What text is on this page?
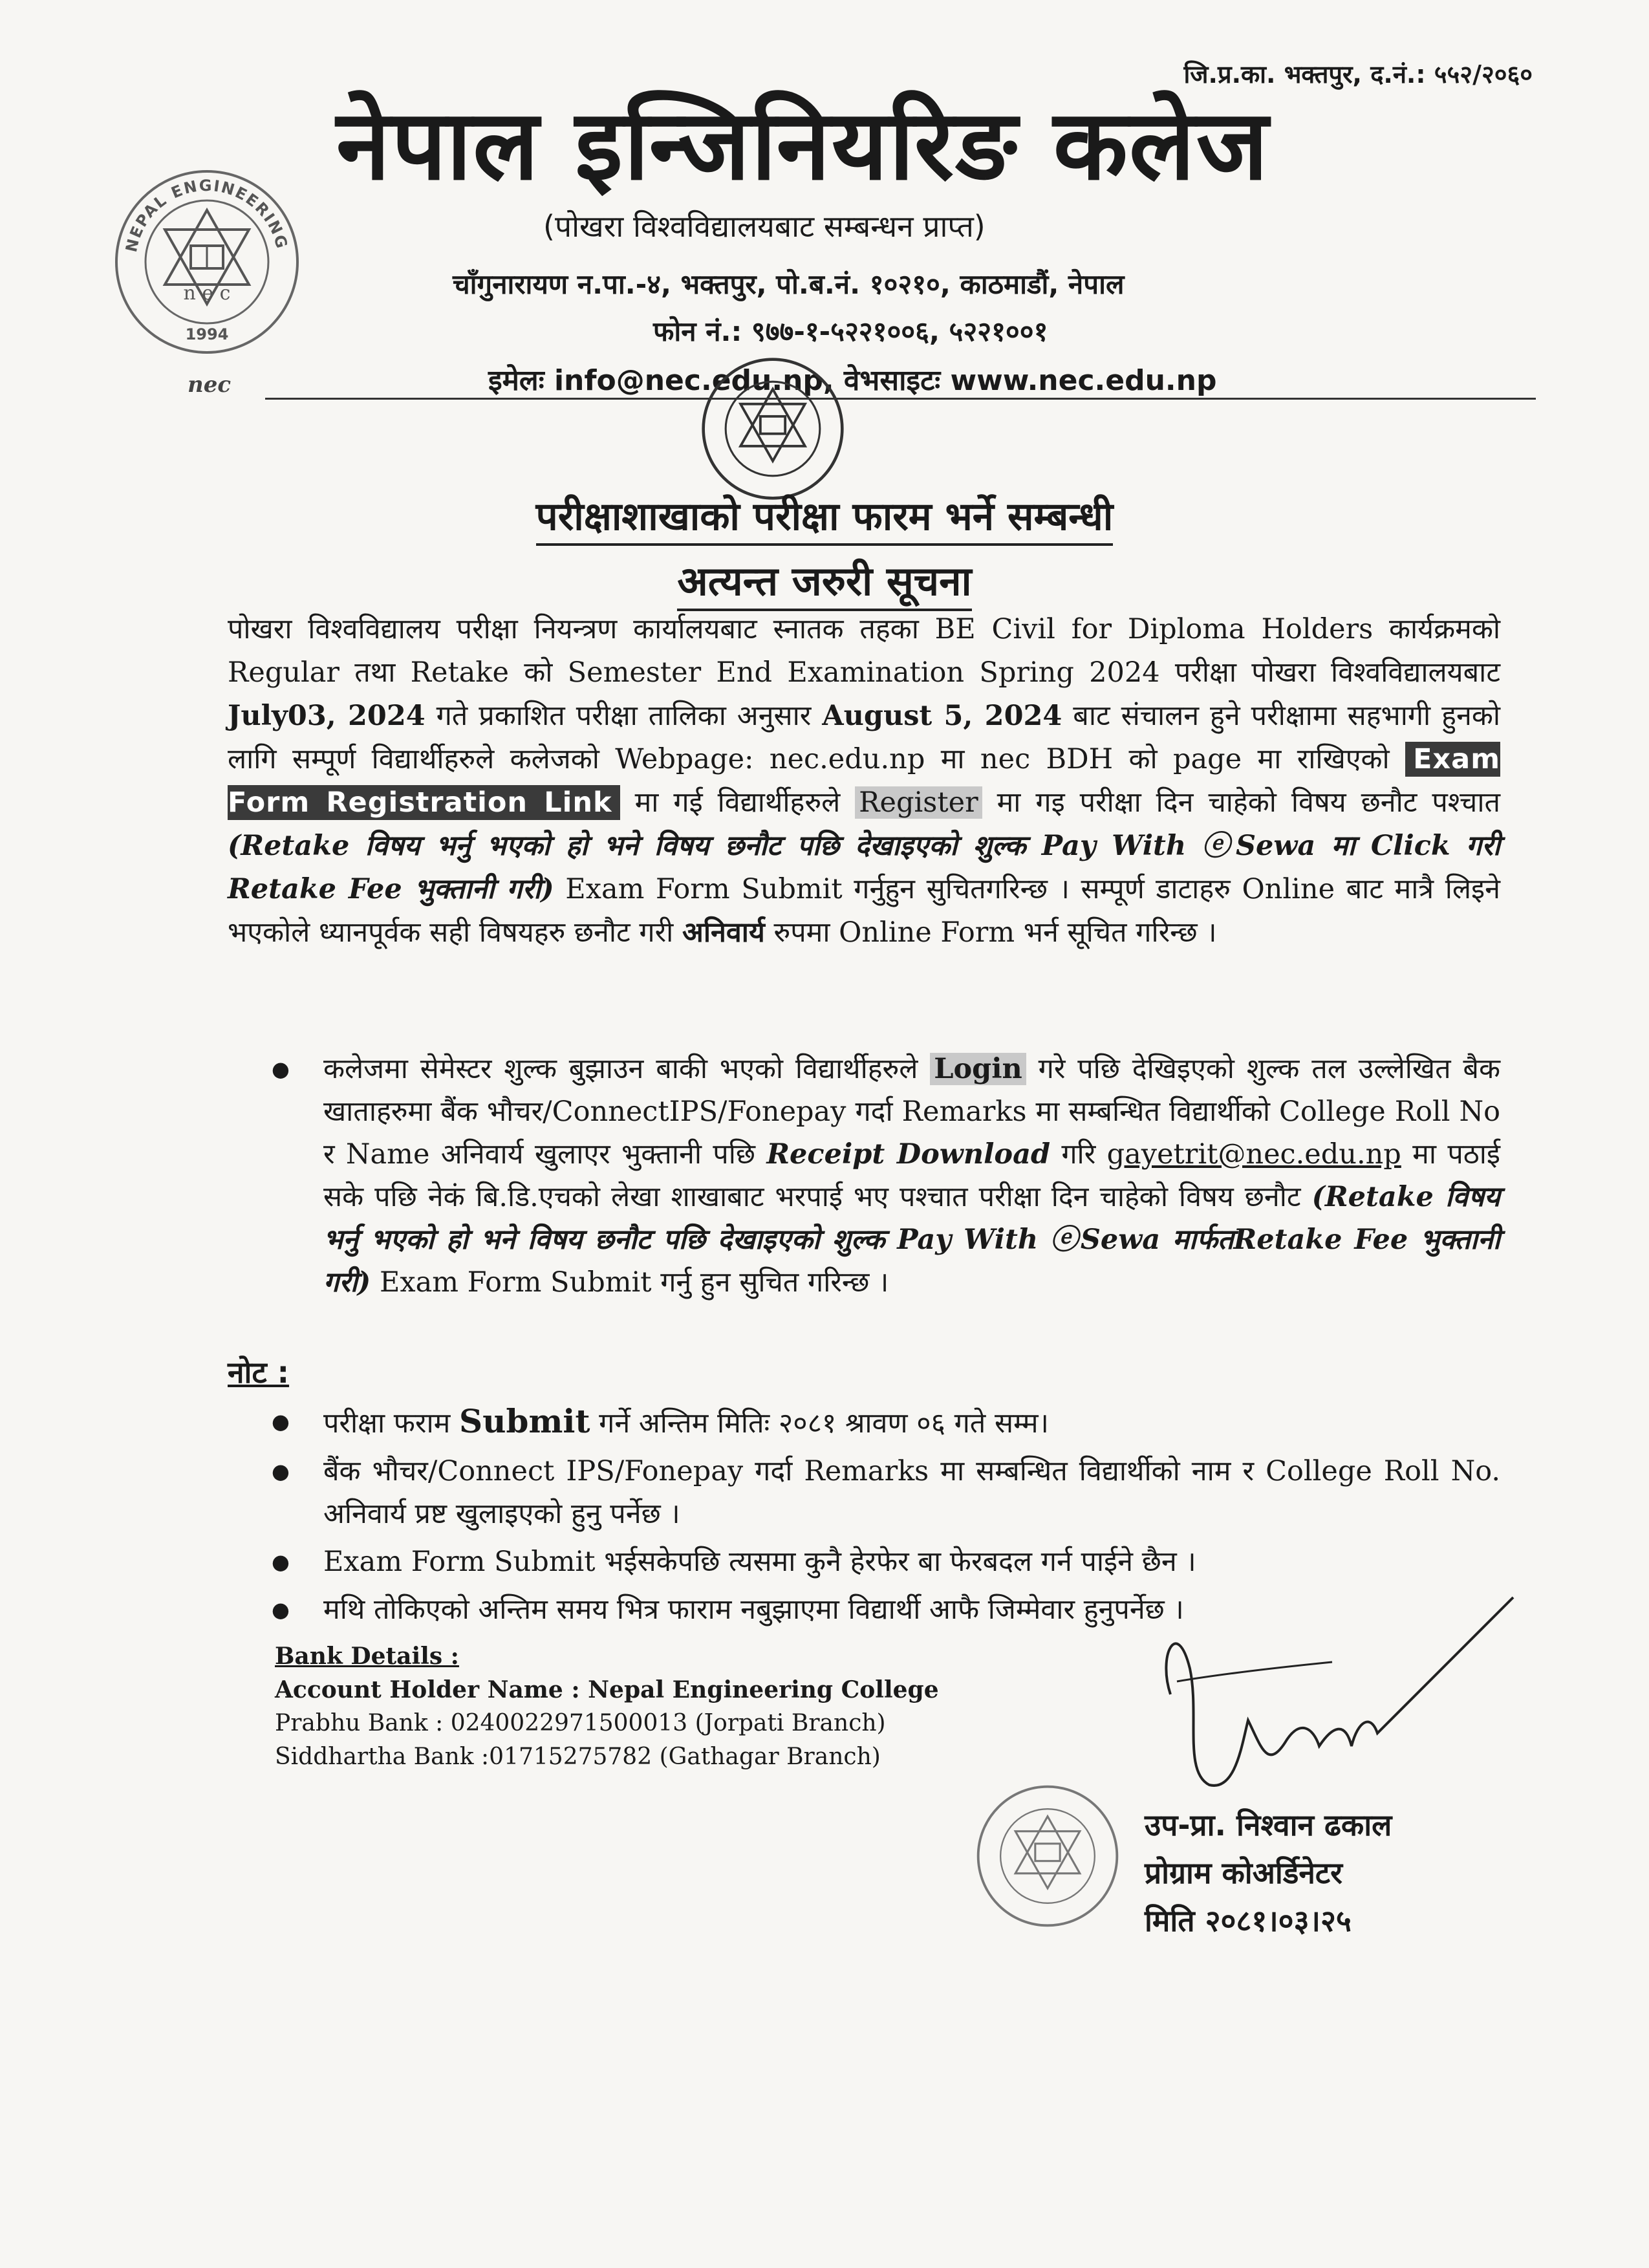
जि.प्र.का. भक्तपुर, द.नं.: ५५२/२०६०
NEPAL ENGINEERING
n e c
1994
nec
नेपाल इन्जिनियरिङ कलेज
(पोखरा विश्वविद्यालयबाट सम्बन्धन प्राप्त)
चाँगुनारायण न.पा.-४, भक्तपुर, पो.ब.नं. १०२१०, काठमाडौं, नेपाल
फोन नं.: ९७७-१-५२२१००६, ५२२१००१
इमेलः info@nec.edu.np, वेभसाइटः www.nec.edu.np
परीक्षाशाखाको परीक्षा फारम भर्ने सम्बन्धी
अत्यन्त जरुरी सूचना
पोखरा विश्वविद्यालय परीक्षा नियन्त्रण कार्यालयबाट स्नातक तहका BE Civil for Diploma Holders कार्यक्रमको Regular तथा Retake को Semester End Examination Spring 2024 परीक्षा पोखरा विश्वविद्यालयबाट July03, 2024 गते प्रकाशित परीक्षा तालिका अनुसार August 5, 2024 बाट संचालन हुने परीक्षामा सहभागी हुनको लागि सम्पूर्ण विद्यार्थीहरुले कलेजको Webpage: nec.edu.np मा nec BDH को page मा राखिएको Exam Form Registration Link मा गई विद्यार्थीहरुले Register मा गइ परीक्षा दिन चाहेको विषय छनौट पश्चात (Retake विषय भर्नु भएको हो भने विषय छनौट पछि देखाइएको शुल्क Pay With ⓔSewa मा Click गरी Retake Fee भुक्तानी गरी) Exam Form Submit गर्नुहुन सुचितगरिन्छ । सम्पूर्ण डाटाहरु Online बाट मात्रै लिइने भएकोले ध्यानपूर्वक सही विषयहरु छनौट गरी अनिवार्य रुपमा Online Form भर्न सूचित गरिन्छ ।
● कलेजमा सेमेस्टर शुल्क बुझाउन बाकी भएको विद्यार्थीहरुले Login गरे पछि देखिइएको शुल्क तल उल्लेखित बैक खाताहरुमा बैंक भौचर/ConnectIPS/Fonepay गर्दा Remarks मा सम्बन्धित विद्यार्थीको College Roll No र Name अनिवार्य खुलाएर भुक्तानी पछि Receipt Download गरि gayetrit@nec.edu.np मा पठाई सके पछि नेकं बि.डि.एचको लेखा शाखाबाट भरपाई भए पश्चात परीक्षा दिन चाहेको विषय छनौट (Retake विषय भर्नु भएको हो भने विषय छनौट पछि देखाइएको शुल्क Pay With ⓔSewa मार्फतRetake Fee भुक्तानी गरी) Exam Form Submit गर्नु हुन सुचित गरिन्छ ।
नोट :
● परीक्षा फराम Submit गर्ने अन्तिम मितिः २०८१ श्रावण ०६ गते सम्म।
● बैंक भौचर/Connect IPS/Fonepay गर्दा Remarks मा सम्बन्धित विद्यार्थीको नाम र College Roll No. अनिवार्य प्रष्ट खुलाइएको हुनु पर्नेछ ।
● Exam Form Submit भईसकेपछि त्यसमा कुनै हेरफेर बा फेरबदल गर्न पाईने छैन ।
● मथि तोकिएको अन्तिम समय भित्र फाराम नबुझाएमा विद्यार्थी आफै जिम्मेवार हुनुपर्नेछ ।
Bank Details :
Account Holder Name : Nepal Engineering College
Prabhu Bank : 0240022971500013 (Jorpati Branch)
Siddhartha Bank :01715275782 (Gathagar Branch)
उप-प्रा. निश्वान ढकाल
प्रोग्राम कोअर्डिनेटर
मिति २०८१।०३।२५
